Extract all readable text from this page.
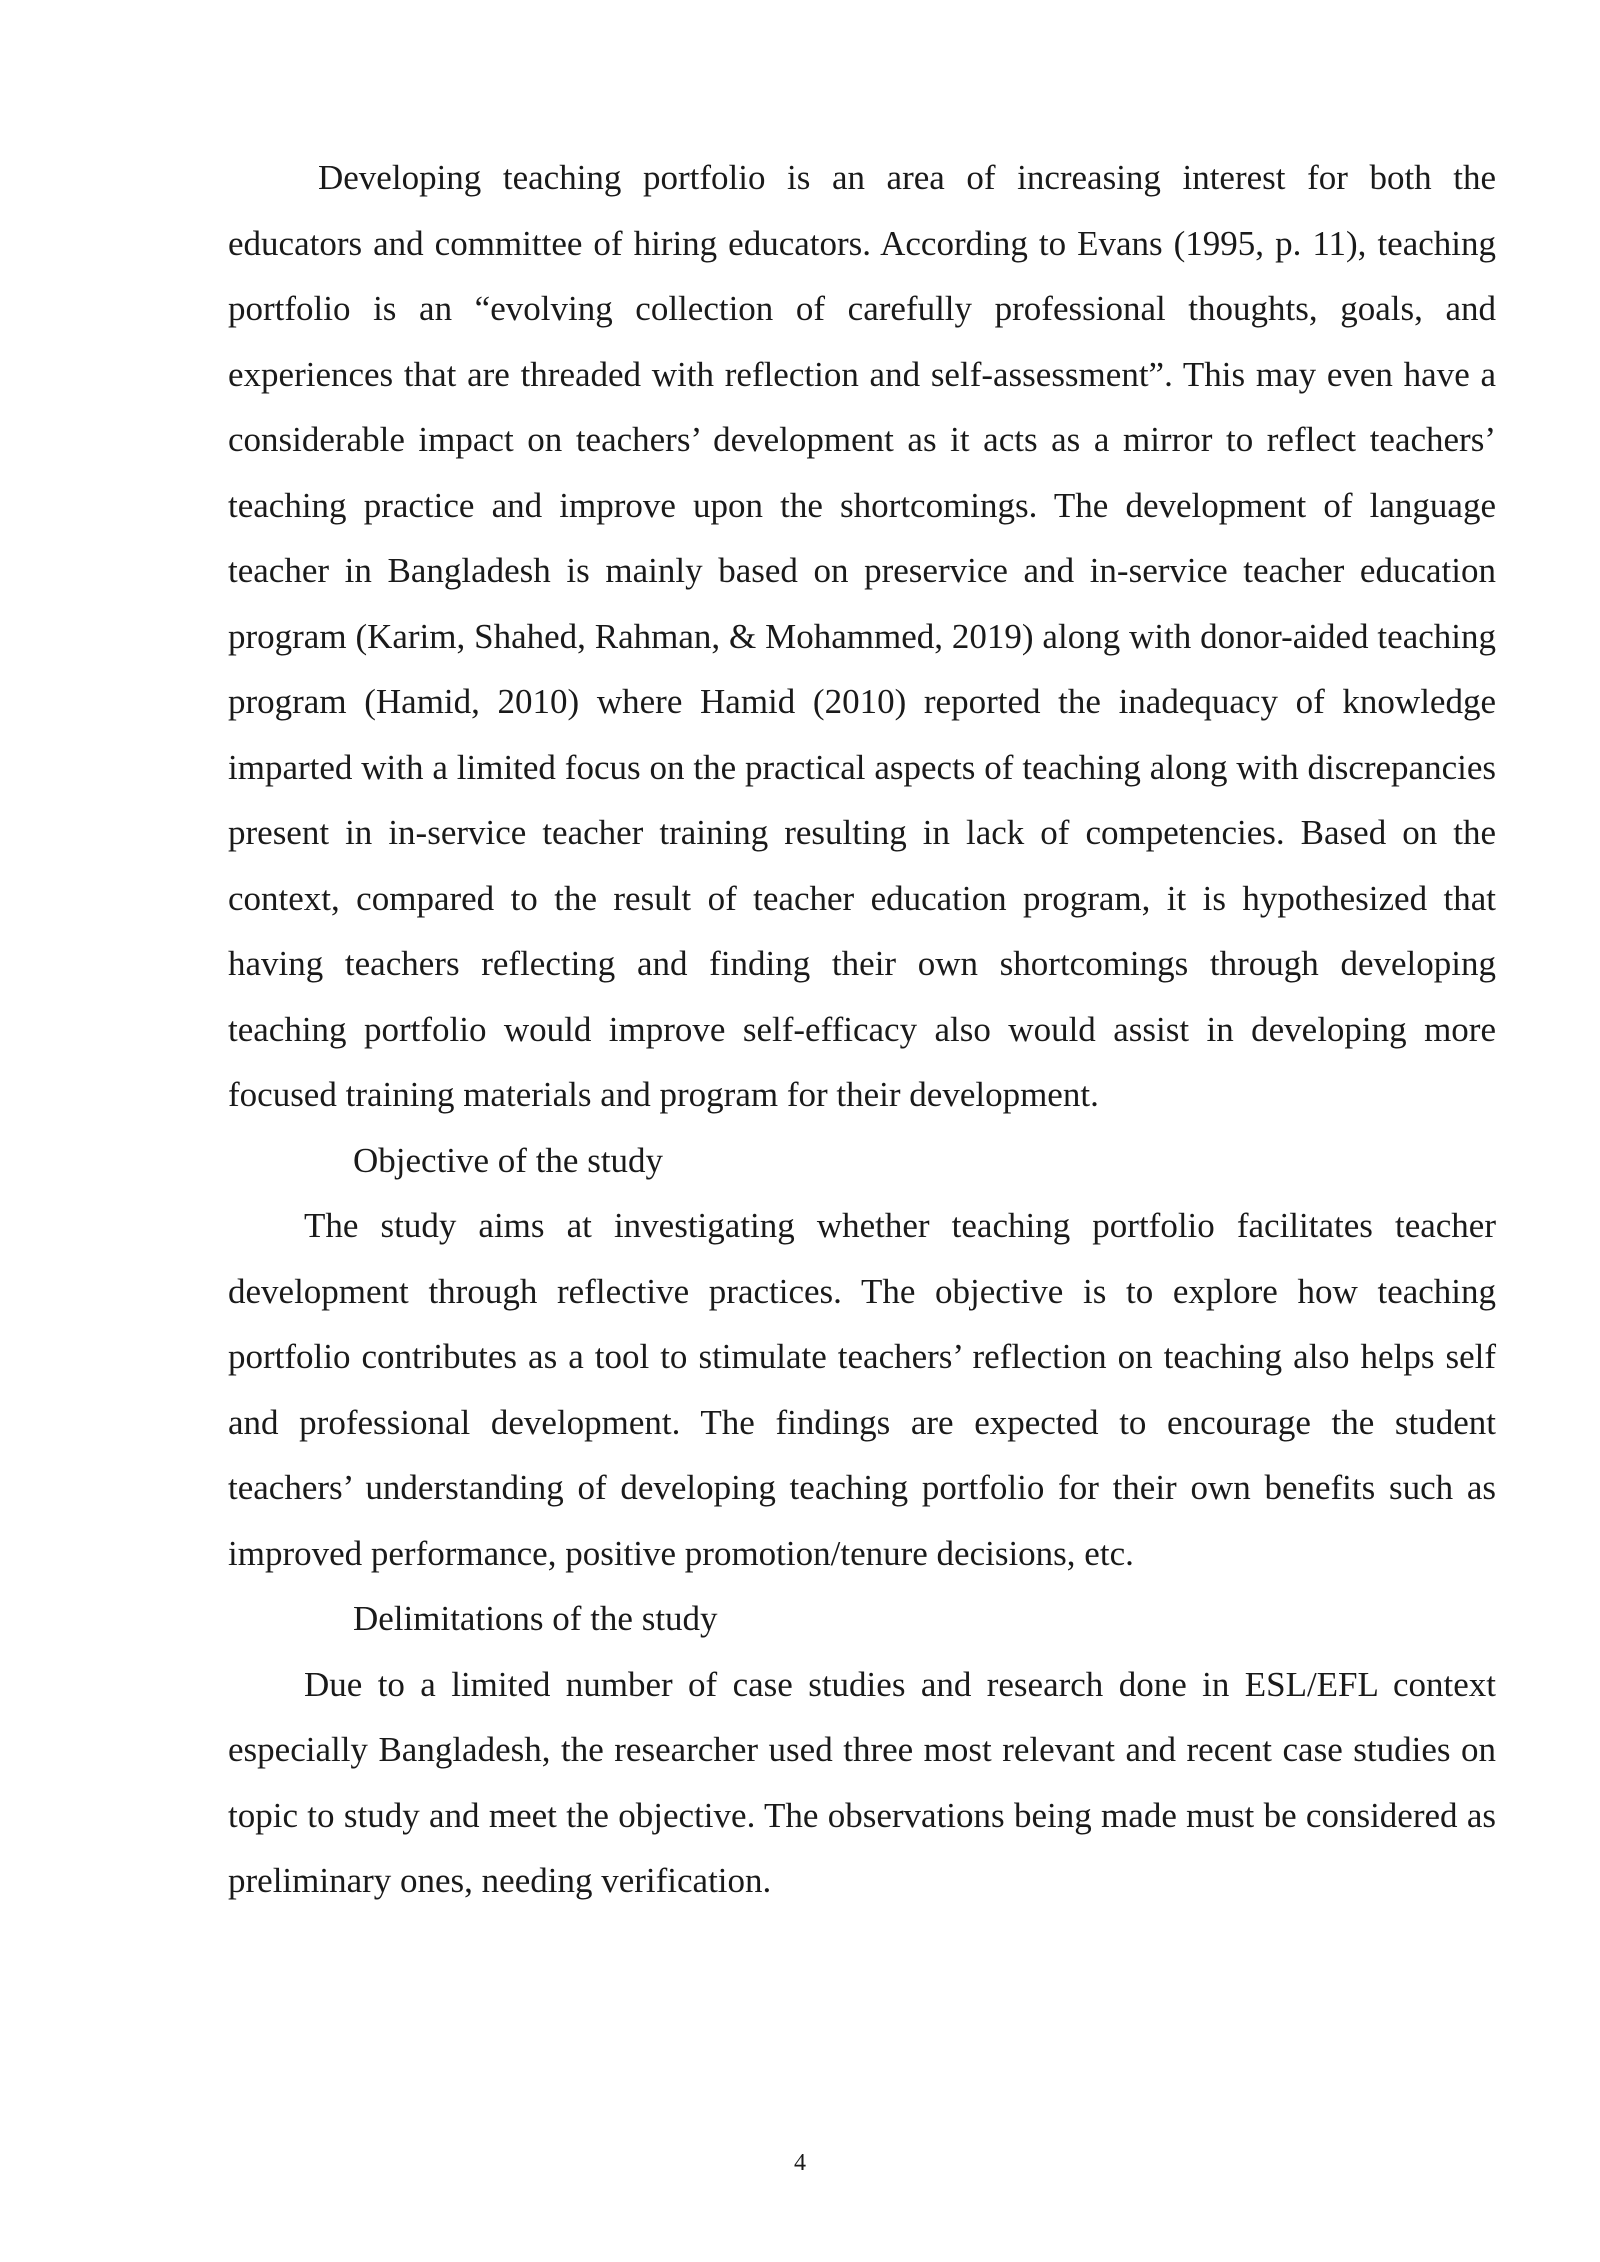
Developing teaching portfolio is an area of increasing interest for both the educators and committee of hiring educators. According to Evans (1995, p. 11), teaching portfolio is an “evolving collection of carefully professional thoughts, goals, and experiences that are threaded with reflection and self-assessment”. This may even have a considerable impact on teachers’ development as it acts as a mirror to reflect teachers’ teaching practice and improve upon the shortcomings. The development of language teacher in Bangladesh is mainly based on preservice and in-service teacher education program (Karim, Shahed, Rahman, & Mohammed, 2019) along with donor-aided teaching program (Hamid, 2010) where Hamid (2010) reported the inadequacy of knowledge imparted with a limited focus on the practical aspects of teaching along with discrepancies present in in-service teacher training resulting in lack of competencies. Based on the context, compared to the result of teacher education program, it is hypothesized that having teachers reflecting and finding their own shortcomings through developing teaching portfolio would improve self-efficacy also would assist in developing more focused training materials and program for their development.

Objective of the study

The study aims at investigating whether teaching portfolio facilitates teacher development through reflective practices. The objective is to explore how teaching portfolio contributes as a tool to stimulate teachers’ reflection on teaching also helps self and professional development. The findings are expected to encourage the student teachers’ understanding of developing teaching portfolio for their own benefits such as improved performance, positive promotion/tenure decisions, etc.

Delimitations of the study

Due to a limited number of case studies and research done in ESL/EFL context especially Bangladesh, the researcher used three most relevant and recent case studies on topic to study and meet the objective. The observations being made must be considered as preliminary ones, needing verification.

4
